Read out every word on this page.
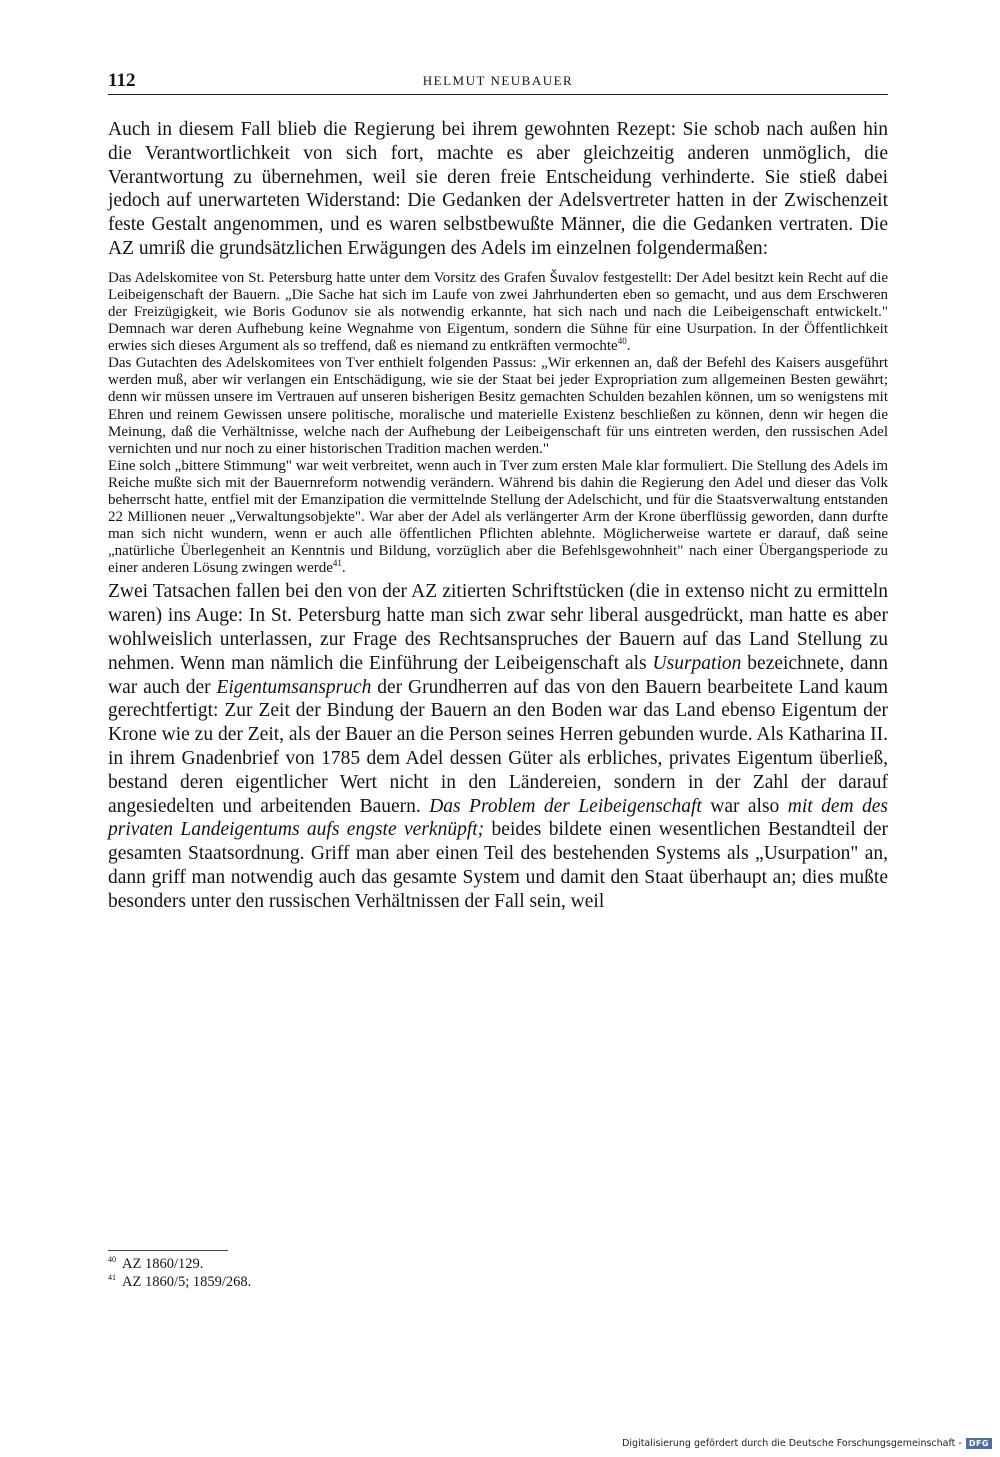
112	HELMUT NEUBAUER

Auch in diesem Fall blieb die Regierung bei ihrem gewohnten Rezept: Sie schob nach außen hin die Verantwortlichkeit von sich fort, machte es aber gleichzeitig anderen unmöglich, die Verantwortung zu übernehmen, weil sie deren freie Entscheidung verhinderte. Sie stieß dabei jedoch auf unerwarteten Widerstand: Die Gedanken der Adelsvertreter hatten in der Zwischenzeit feste Gestalt angenommen, und es waren selbstbewußte Männer, die die Gedanken vertraten. Die AZ umriß die grundsätzlichen Erwägungen des Adels im einzelnen folgendermaßen:

Das Adelskomitee von St. Petersburg hatte unter dem Vorsitz des Grafen Šuvalov festgestellt: Der Adel besitzt kein Recht auf die Leibeigenschaft der Bauern. „Die Sache hat sich im Laufe von zwei Jahrhunderten eben so gemacht, und aus dem Erschweren der Freizügigkeit, wie Boris Godunov sie als notwendig erkannte, hat sich nach und nach die Leibeigenschaft entwickelt." Demnach war deren Aufhebung keine Wegnahme von Eigentum, sondern die Sühne für eine Usurpation. In der Öffentlichkeit erwies sich dieses Argument als so treffend, daß es niemand zu entkräften vermochte$^{40}$.

Das Gutachten des Adelskomitees von Tver enthielt folgenden Passus: „Wir erkennen an, daß der Befehl des Kaisers ausgeführt werden muß, aber wir verlangen ein Entschädigung, wie sie der Staat bei jeder Expropriation zum allgemeinen Besten gewährt; denn wir müssen unsere im Vertrauen auf unseren bisherigen Besitz gemachten Schulden bezahlen können, um so wenigstens mit Ehren und reinem Gewissen unsere politische, moralische und materielle Existenz beschließen zu können, denn wir hegen die Meinung, daß die Verhältnisse, welche nach der Aufhebung der Leibeigenschaft für uns eintreten werden, den russischen Adel vernichten und nur noch zu einer historischen Tradition machen werden."

Eine solch „bittere Stimmung" war weit verbreitet, wenn auch in Tver zum ersten Male klar formuliert. Die Stellung des Adels im Reiche mußte sich mit der Bauernreform notwendig verändern. Während bis dahin die Regierung den Adel und dieser das Volk beherrscht hatte, entfiel mit der Emanzipation die vermittelnde Stellung der Adelschicht, und für die Staatsverwaltung entstanden 22 Millionen neuer „Verwaltungsobjekte". War aber der Adel als verlängerter Arm der Krone überflüssig geworden, dann durfte man sich nicht wundern, wenn er auch alle öffentlichen Pflichten ablehnte. Möglicherweise wartete er darauf, daß seine „natürliche Überlegenheit an Kenntnis und Bildung, vorzüglich aber die Befehlsgewohnheit" nach einer Übergangsperiode zu einer anderen Lösung zwingen werde$^{41}$.

Zwei Tatsachen fallen bei den von der AZ zitierten Schriftstücken (die in extenso nicht zu ermitteln waren) ins Auge: In St. Petersburg hatte man sich zwar sehr liberal ausgedrückt, man hatte es aber wohlweislich unterlassen, zur Frage des Rechtsanspruches der Bauern auf das Land Stellung zu nehmen. Wenn man nämlich die Einführung der Leibeigenschaft als Usurpation bezeichnete, dann war auch der Eigentumsanspruch der Grundherren auf das von den Bauern bearbeitete Land kaum gerechtfertigt: Zur Zeit der Bindung der Bauern an den Boden war das Land ebenso Eigentum der Krone wie zu der Zeit, als der Bauer an die Person seines Herren gebunden wurde. Als Katharina II. in ihrem Gnadenbrief von 1785 dem Adel dessen Güter als erbliches, privates Eigentum überließ, bestand deren eigentlicher Wert nicht in den Ländereien, sondern in der Zahl der darauf angesiedelten und arbeitenden Bauern. Das Problem der Leibeigenschaft war also mit dem des privaten Landeigentums aufs engste verknüpft; beides bildete einen wesentlichen Bestandteil der gesamten Staatsordnung. Griff man aber einen Teil des bestehenden Systems als „Usurpation" an, dann griff man notwendig auch das gesamte System und damit den Staat überhaupt an; dies mußte besonders unter den russischen Verhältnissen der Fall sein, weil

$^{40}$ AZ 1860/129.
$^{41}$ AZ 1860/5; 1859/268.
Digitalisierung gefördert durch die Deutsche Forschungsgemeinschaft - DFG
